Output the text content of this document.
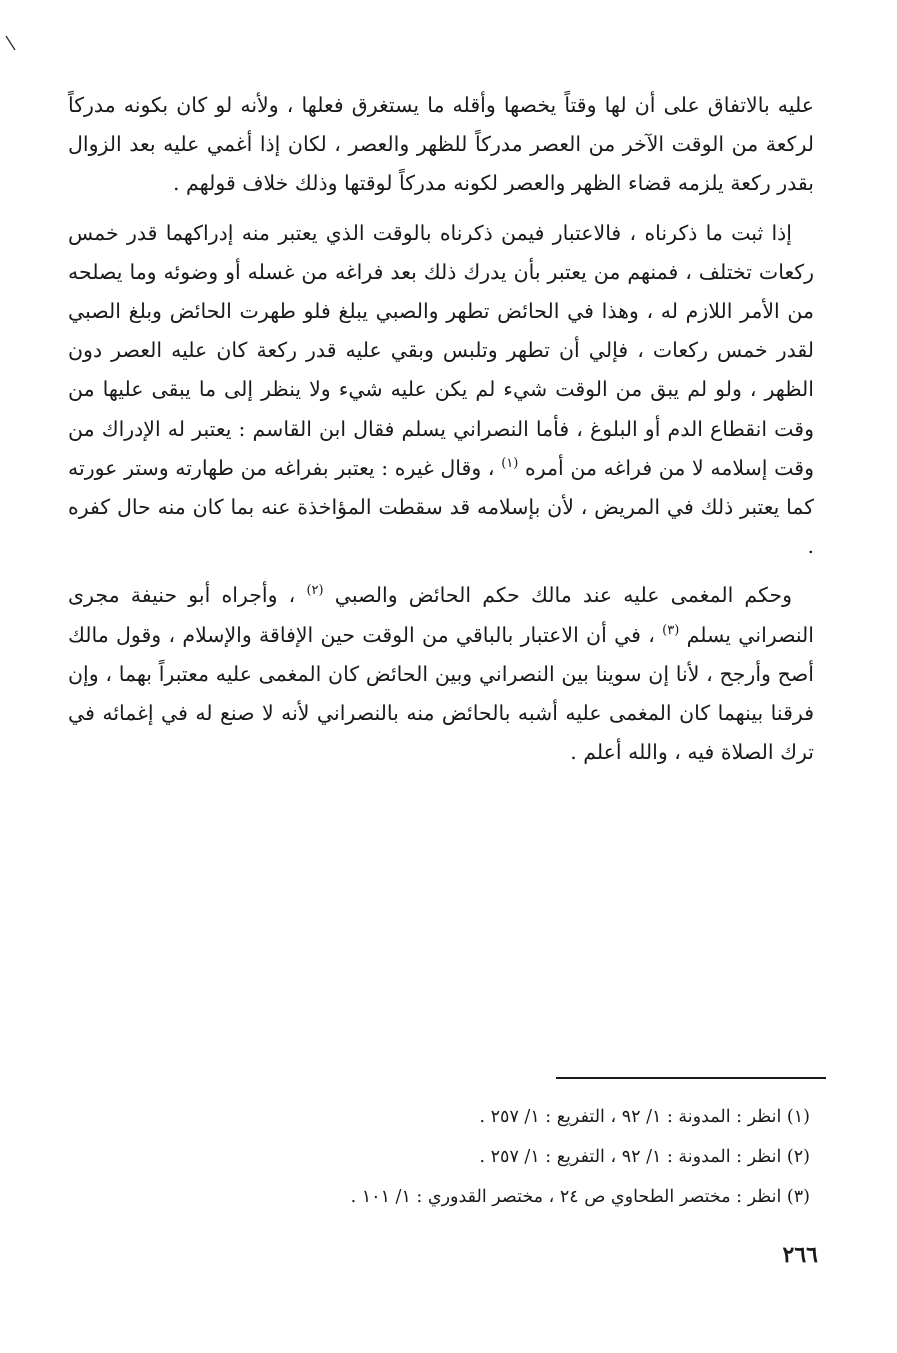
عليه بالاتفاق على أن لها وقتاً يخصها وأقله ما يستغرق فعلها ، ولأنه لو كان بكونه مدركاً لركعة من الوقت الآخر من العصر مدركاً للظهر والعصر ، لكان إذا أغمي عليه بعد الزوال بقدر ركعة يلزمه قضاء الظهر والعصر لكونه مدركاً لوقتها وذلك خلاف قولهم .

إذا ثبت ما ذكرناه ، فالاعتبار فيمن ذكرناه بالوقت الذي يعتبر منه إدراكهما قدر خمس ركعات تختلف ، فمنهم من يعتبر بأن يدرك ذلك بعد فراغه من غسله أو وضوئه وما يصلحه من الأمر اللازم له ، وهذا في الحائض تطهر والصبي يبلغ فلو طهرت الحائض وبلغ الصبي لقدر خمس ركعات ، فإلي أن تطهر وتلبس وبقي عليه قدر ركعة كان عليه العصر دون الظهر ، ولو لم يبق من الوقت شيء لم يكن عليه شيء ولا ينظر إلى ما يبقى عليها من وقت انقطاع الدم أو البلوغ ، فأما النصراني يسلم فقال ابن القاسم : يعتبر له الإدراك من وقت إسلامه لا من فراغه من أمره $^{(١)}$ ، وقال غيره : يعتبر بفراغه من طهارته وستر عورته كما يعتبر ذلك في المريض ، لأن بإسلامه قد سقطت المؤاخذة عنه بما كان منه حال كفره .

وحكم المغمى عليه عند مالك حكم الحائض والصبي $^{(٢)}$ ، وأجراه أبو حنيفة مجرى النصراني يسلم $^{(٣)}$ ، في أن الاعتبار بالباقي من الوقت حين الإفاقة والإسلام ، وقول مالك أصح وأرجح ، لأنا إن سوينا بين النصراني وبين الحائض كان المغمى عليه معتبراً بهما ، وإن فرقنا بينهما كان المغمى عليه أشبه بالحائض منه بالنصراني لأنه لا صنع له في إغمائه في ترك الصلاة فيه ، والله أعلم .

(١) انظر : المدونة : ١/ ٩٢ ، التفريع : ١/ ٢٥٧ .

(٢) انظر : المدونة : ١/ ٩٢ ، التفريع : ١/ ٢٥٧ .

(٣) انظر : مختصر الطحاوي ص ٢٤ ، مختصر القدوري : ١/ ١٠١ .

٢٦٦
